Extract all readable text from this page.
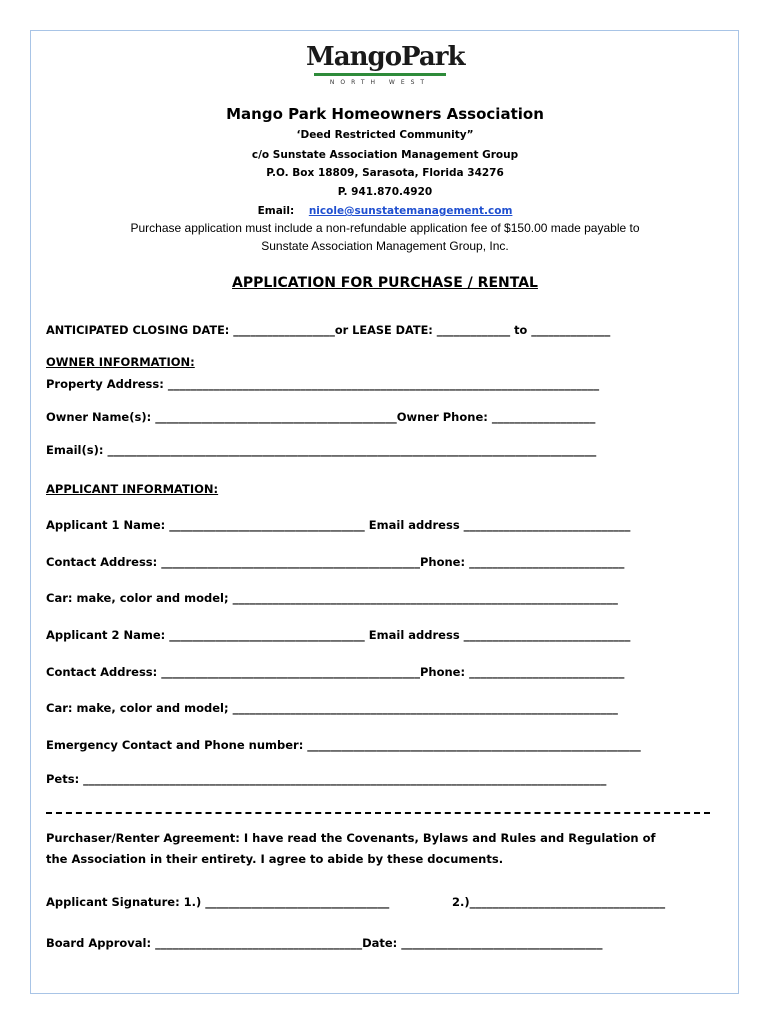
MangoPark
NORTH WEST
Mango Park Homeowners Association
‘Deed Restricted Community”
c/o Sunstate Association Management Group
P.O. Box 18809, Sarasota, Florida 34276
P. 941.870.4920
Email: nicole@sunstatemanagement.com
Purchase application must include a non-refundable application fee of $150.00 made payable to
Sunstate Association Management Group, Inc.
APPLICATION FOR PURCHASE / RENTAL
ANTICIPATED CLOSING DATE: __________________or LEASE DATE: _____________ to ______________
OWNER INFORMATION:
Property Address: ___________________________________________________________________________
Owner Name(s): __________________________________________Owner Phone: __________________
Email(s): _____________________________________________________________________________________
APPLICANT INFORMATION:
Applicant 1 Name: __________________________________ Email address _____________________________
Contact Address: _____________________________________________Phone: ___________________________
Car: make, color and model; ___________________________________________________________________
Applicant 2 Name: __________________________________ Email address _____________________________
Contact Address: _____________________________________________Phone: ___________________________
Car: make, color and model; ___________________________________________________________________
Emergency Contact and Phone number: __________________________________________________________
Pets: ___________________________________________________________________________________________
Purchaser/Renter Agreement: I have read the Covenants, Bylaws and Rules and Regulation of
the Association in their entirety. I agree to abide by these documents.
Applicant Signature: 1.) ________________________________	2.)__________________________________
Board Approval: ____________________________________Date: ___________________________________
